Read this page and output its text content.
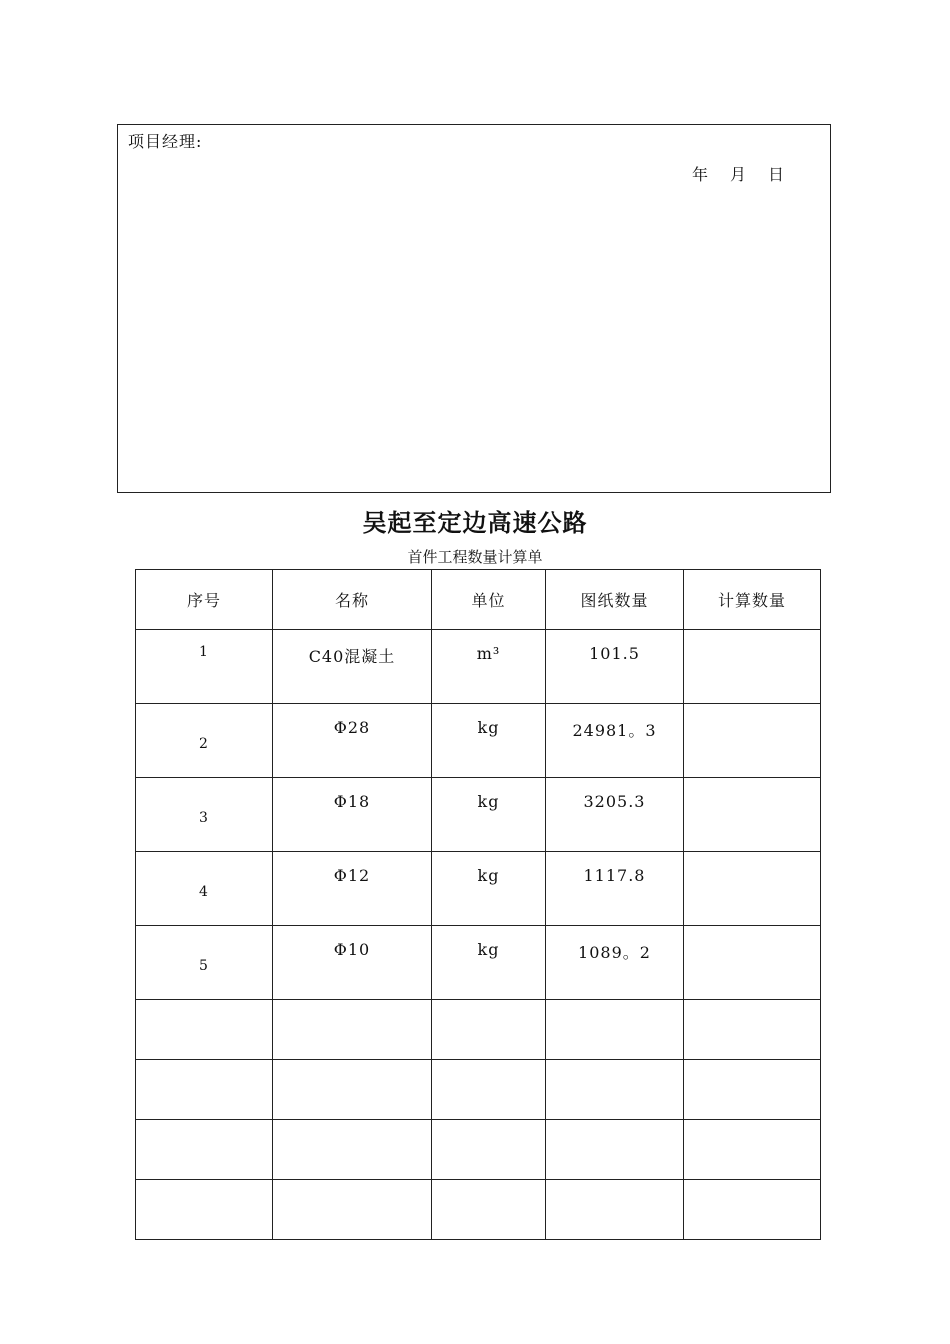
项目经理:
年 月 日
吴起至定边高速公路
首件工程数量计算单
序号	名称	单位	图纸数量	计算数量
1	C40混凝土	m³	101.5	
2	Φ28	kg	24981。3	
3	Φ18	kg	3205.3	
4	Φ12	kg	1117.8	
5	Φ10	kg	1089。2	
